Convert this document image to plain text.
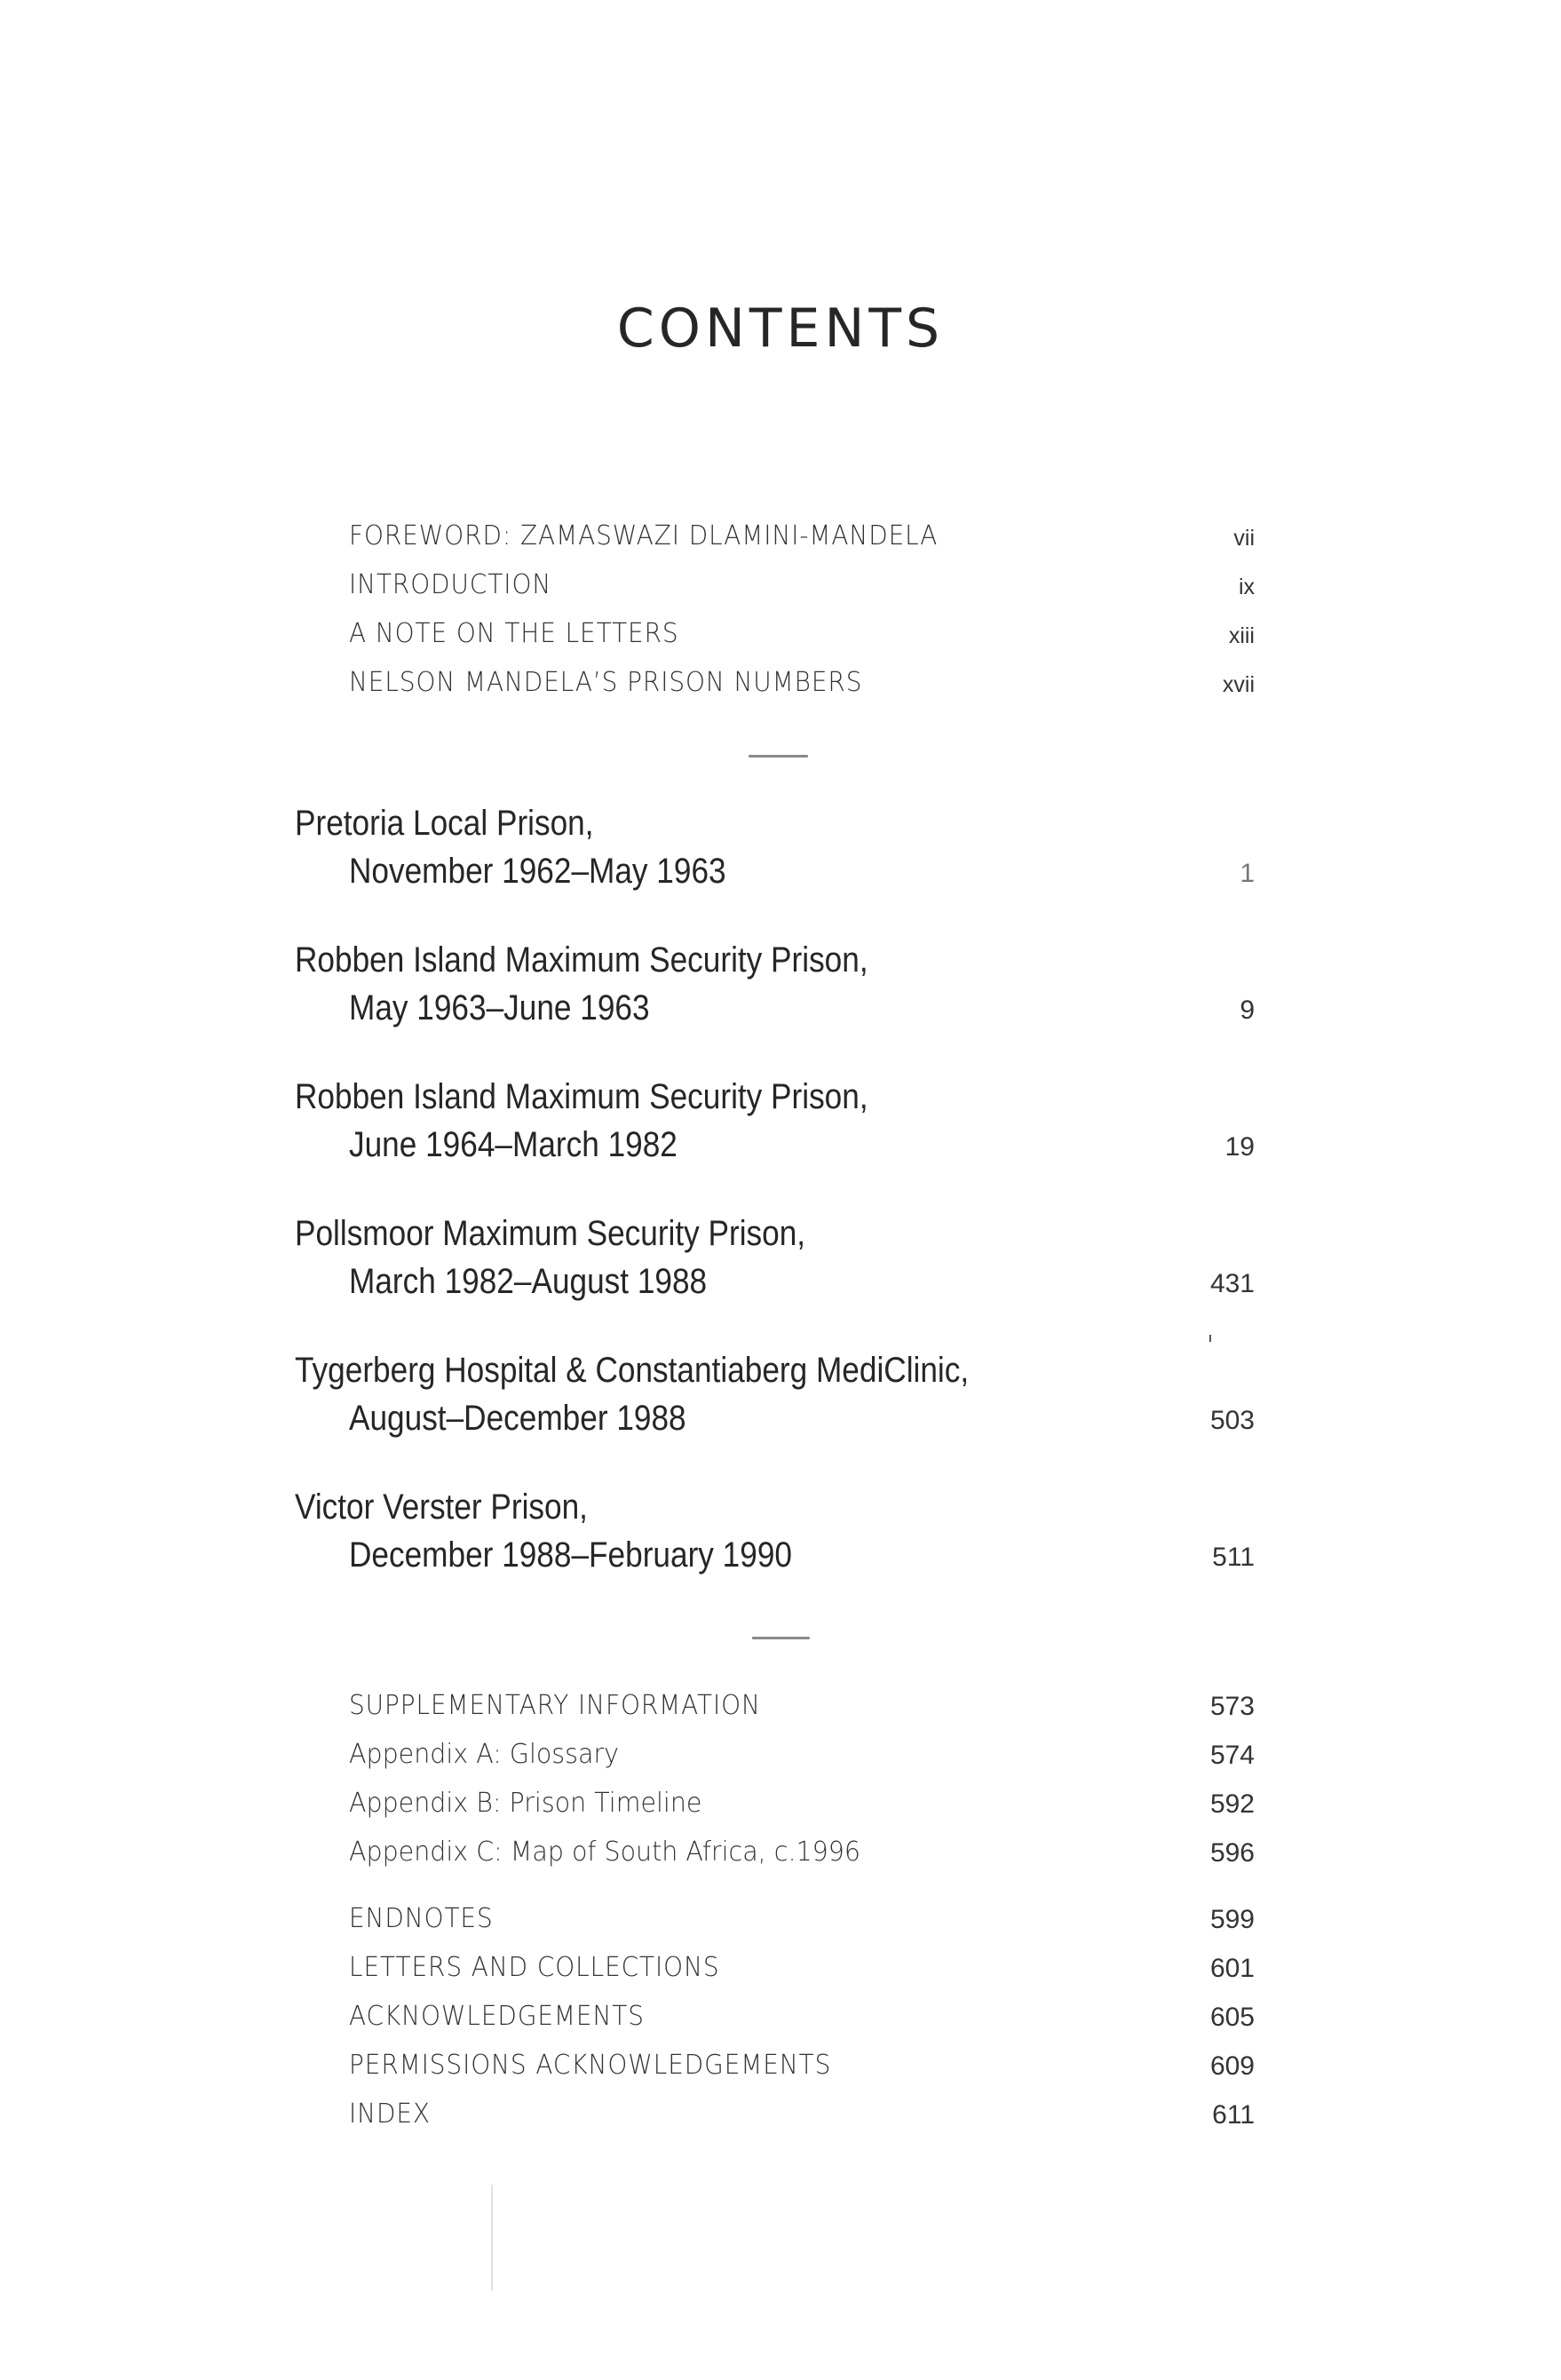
CONTENTS
FOREWORD: ZAMASWAZI DLAMINI-MANDELA	vii
INTRODUCTION	ix
A NOTE ON THE LETTERS	xiii
NELSON MANDELA’S PRISON NUMBERS	xvii
Pretoria Local Prison,
November 1962–May 1963	1
Robben Island Maximum Security Prison,
May 1963–June 1963	9
Robben Island Maximum Security Prison,
June 1964–March 1982	19
Pollsmoor Maximum Security Prison,
March 1982–August 1988	431
Tygerberg Hospital & Constantiaberg MediClinic,
August–December 1988	503
Victor Verster Prison,
December 1988–February 1990	511
SUPPLEMENTARY INFORMATION	573
Appendix A: Glossary	574
Appendix B: Prison Timeline	592
Appendix C: Map of South Africa, c.1996	596
ENDNOTES	599
LETTERS AND COLLECTIONS	601
ACKNOWLEDGEMENTS	605
PERMISSIONS ACKNOWLEDGEMENTS	609
INDEX	611
